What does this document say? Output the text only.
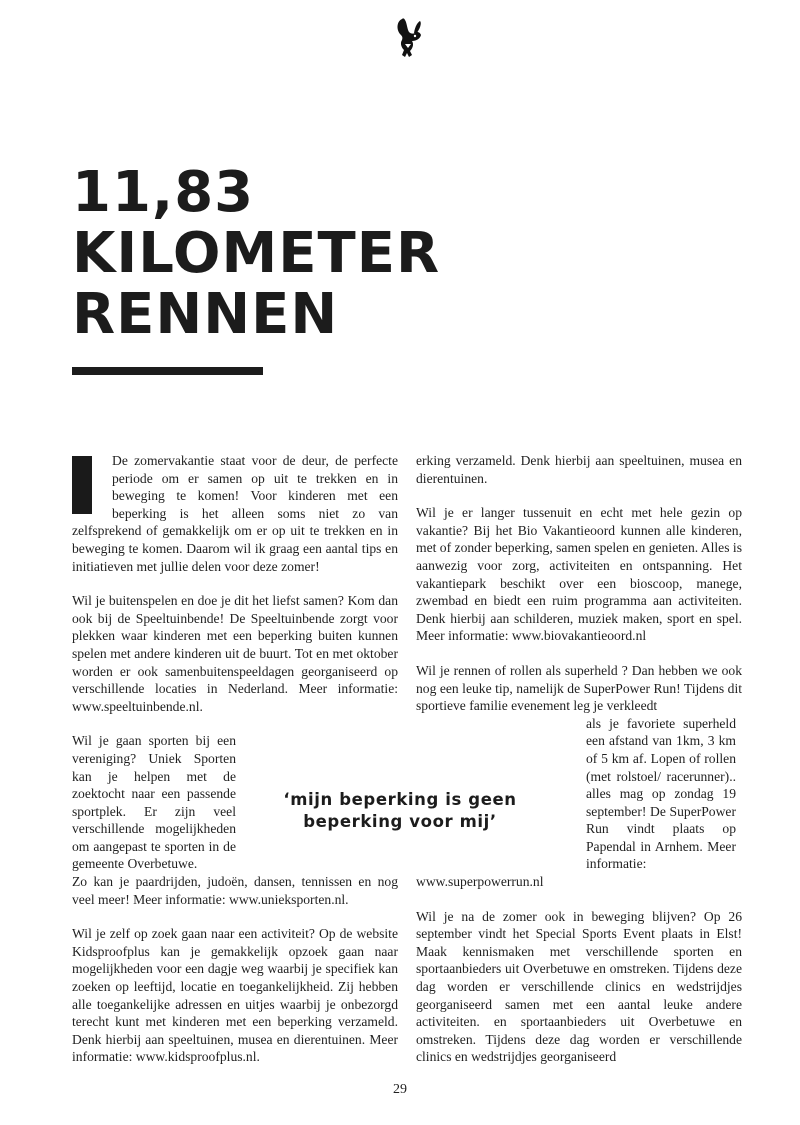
11,83
KILOMETER
RENNEN

De zomervakantie staat voor de deur, de perfecte periode om er samen op uit te trekken en in beweging te komen! Voor kinderen met een beperking is het alleen soms niet zo van zelfsprekend of gemakkelijk om er op uit te trekken en in beweging te komen. Daarom wil ik graag een aantal tips en initiatieven met jullie delen voor deze zomer!

Wil je buitenspelen en doe je dit het liefst samen? Kom dan ook bij de Speeltuinbende! De Speeltuinbende zorgt voor plekken waar kinderen met een beperking buiten kunnen spelen met andere kinderen uit de buurt. Tot en met oktober worden er ook samenbuitenspeeldagen georganiseerd op verschillende locaties in Nederland. Meer informatie: www.speeltuinbende.nl.

Wil je gaan sporten bij een vereniging? Uniek Sporten kan je helpen met de zoektocht naar een passende sportplek. Er zijn veel verschillende mogelijkheden om aangepast te sporten in de gemeente Overbetuwe.

Zo kan je paardrijden, judoën, dansen, tennissen en nog veel meer! Meer informatie: www.unieksporten.nl.

Wil je zelf op zoek gaan naar een activiteit? Op de website Kidsproofplus kan je gemakkelijk opzoek gaan naar mogelijkheden voor een dagje weg waarbij je specifiek kan zoeken op leeftijd, locatie en toegankelijkheid. Zij hebben alle toegankelijke adressen en uitjes waarbij je onbezorgd terecht kunt met kinderen met een beperking verzameld. Denk hierbij aan speeltuinen, musea en dierentuinen. Meer informatie: www.kidsproofplus.nl.

erking verzameld. Denk hierbij aan speeltuinen, musea en dierentuinen.

Wil je er langer tussenuit en echt met hele gezin op vakantie? Bij het Bio Vakantieoord kunnen alle kinderen, met of zonder beperking, samen spelen en genieten. Alles is aanwezig voor zorg, activiteiten en ontspanning. Het vakantiepark beschikt over een bioscoop, manege, zwembad en biedt een ruim programma aan activiteiten. Denk hierbij aan schilderen, muziek maken, sport en spel. Meer informatie: www.biovakantieoord.nl

Wil je rennen of rollen als superheld ? Dan hebben we ook nog een leuke tip, namelijk de SuperPower Run! Tijdens dit sportieve familie evenement leg je verkleedt

als je favoriete superheld een afstand van 1km, 3 km of 5 km af. Lopen of rollen (met rolstoel/ racerunner).. alles mag op zondag 19 september! De SuperPower Run vindt plaats op Papendal in Arnhem. Meer informatie:

www.superpowerrun.nl

Wil je na de zomer ook in beweging blijven? Op 26 september vindt het Special Sports Event plaats in Elst! Maak kennismaken met verschillende sporten en sportaanbieders uit Overbetuwe en omstreken. Tijdens deze dag worden er verschillende clinics en wedstrijdjes georganiseerd samen met een aantal leuke andere activiteiten. en sportaanbieders uit Overbetuwe en omstreken. Tijdens deze dag worden er verschillende clinics en wedstrijdjes georganiseerd

‘mijn beperking is geen beperking voor mij’
29
